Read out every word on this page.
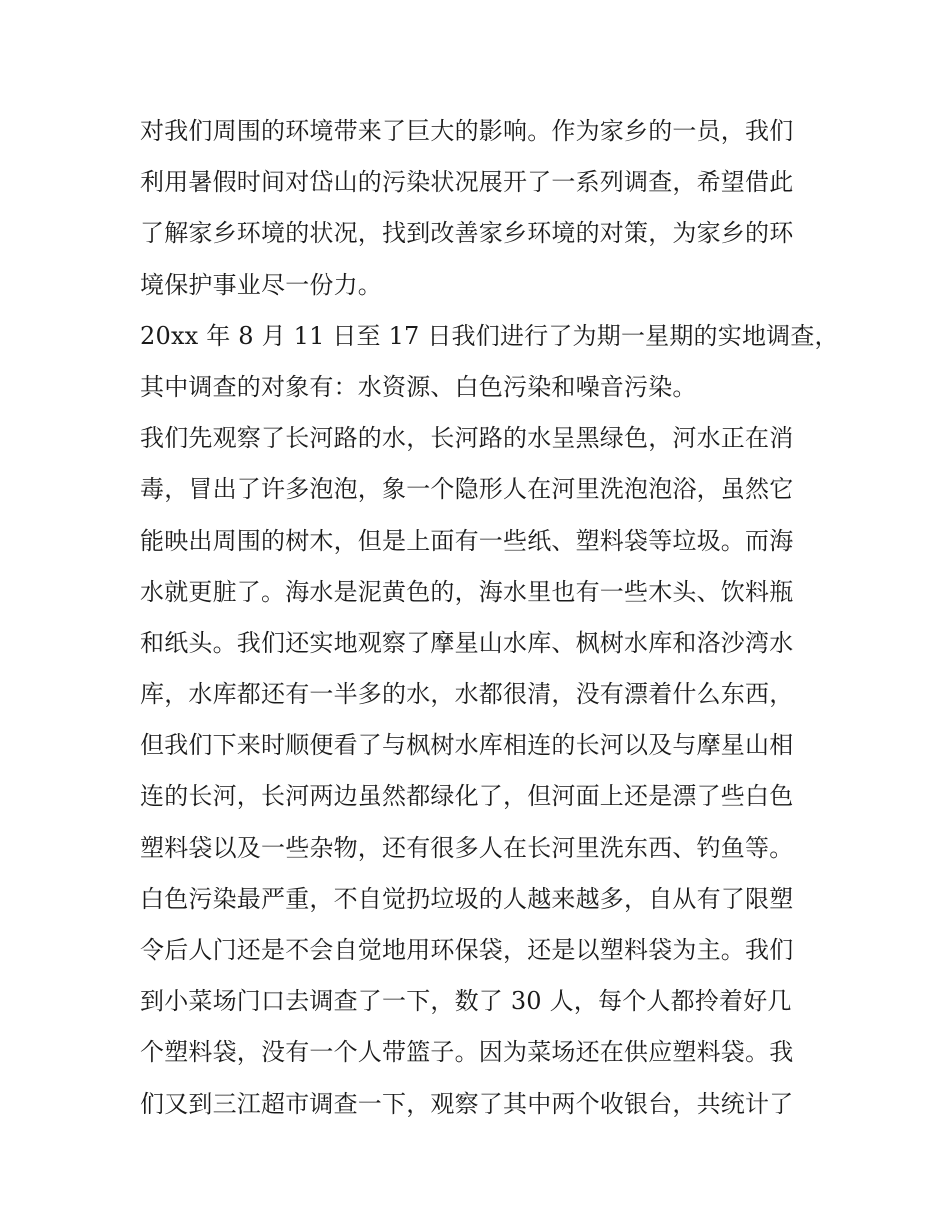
对我们周围的环境带来了巨大的影响。作为家乡的一员，我们
利用暑假时间对岱山的污染状况展开了一系列调查，希望借此
了解家乡环境的状况，找到改善家乡环境的对策，为家乡的环
境保护事业尽一份力。
20xx 年 8 月 11 日至 17 日我们进行了为期一星期的实地调查，
其中调查的对象有：水资源、白色污染和噪音污染。
我们先观察了长河路的水，长河路的水呈黑绿色，河水正在消
毒，冒出了许多泡泡，象一个隐形人在河里洗泡泡浴，虽然它
能映出周围的树木，但是上面有一些纸、塑料袋等垃圾。而海
水就更脏了。海水是泥黄色的，海水里也有一些木头、饮料瓶
和纸头。我们还实地观察了摩星山水库、枫树水库和洛沙湾水
库，水库都还有一半多的水，水都很清，没有漂着什么东西，
但我们下来时顺便看了与枫树水库相连的长河以及与摩星山相
连的长河，长河两边虽然都绿化了，但河面上还是漂了些白色
塑料袋以及一些杂物，还有很多人在长河里洗东西、钓鱼等。
白色污染最严重，不自觉扔垃圾的人越来越多，自从有了限塑
令后人门还是不会自觉地用环保袋，还是以塑料袋为主。我们
到小菜场门口去调查了一下，数了 30 人，每个人都拎着好几
个塑料袋，没有一个人带篮子。因为菜场还在供应塑料袋。我
们又到三江超市调查一下，观察了其中两个收银台，共统计了
